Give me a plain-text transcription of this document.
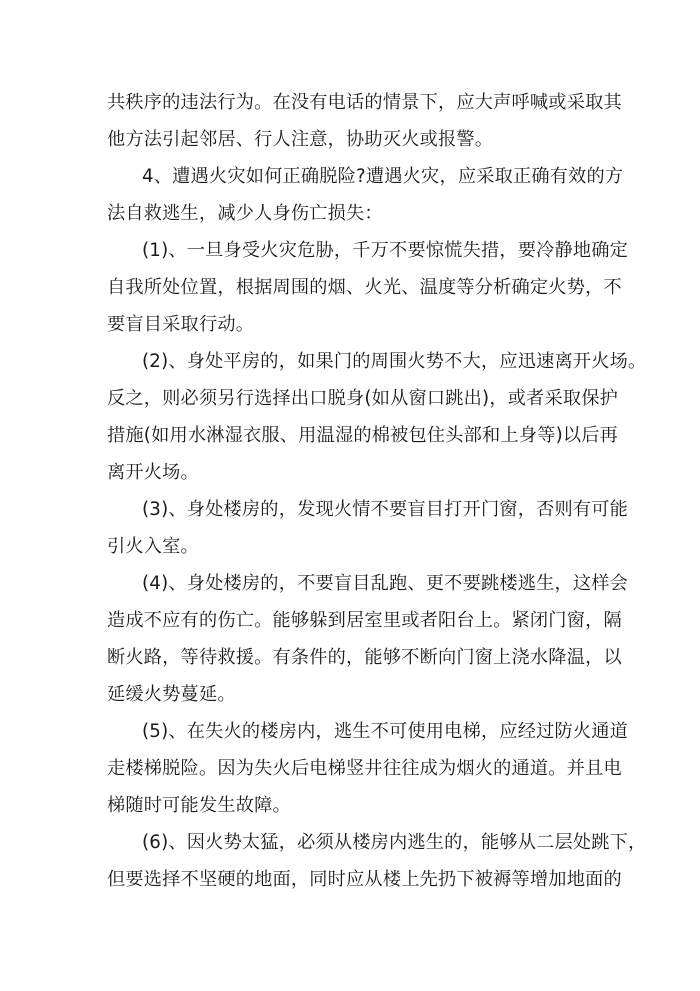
共秩序的违法行为。在没有电话的情景下，应大声呼喊或采取其
他方法引起邻居、行人注意，协助灭火或报警。
4、遭遇火灾如何正确脱险?遭遇火灾，应采取正确有效的方
法自救逃生，减少人身伤亡损失：
(1)、一旦身受火灾危胁，千万不要惊慌失措，要冷静地确定
自我所处位置，根据周围的烟、火光、温度等分析确定火势，不
要盲目采取行动。
(2)、身处平房的，如果门的周围火势不大，应迅速离开火场。
反之，则必须另行选择出口脱身(如从窗口跳出)，或者采取保护
措施(如用水淋湿衣服、用温湿的棉被包住头部和上身等)以后再
离开火场。
(3)、身处楼房的，发现火情不要盲目打开门窗，否则有可能
引火入室。
(4)、身处楼房的，不要盲目乱跑、更不要跳楼逃生，这样会
造成不应有的伤亡。能够躲到居室里或者阳台上。紧闭门窗，隔
断火路，等待救援。有条件的，能够不断向门窗上浇水降温，以
延缓火势蔓延。
(5)、在失火的楼房内，逃生不可使用电梯，应经过防火通道
走楼梯脱险。因为失火后电梯竖井往往成为烟火的通道。并且电
梯随时可能发生故障。
(6)、因火势太猛，必须从楼房内逃生的，能够从二层处跳下，
但要选择不坚硬的地面，同时应从楼上先扔下被褥等增加地面的
